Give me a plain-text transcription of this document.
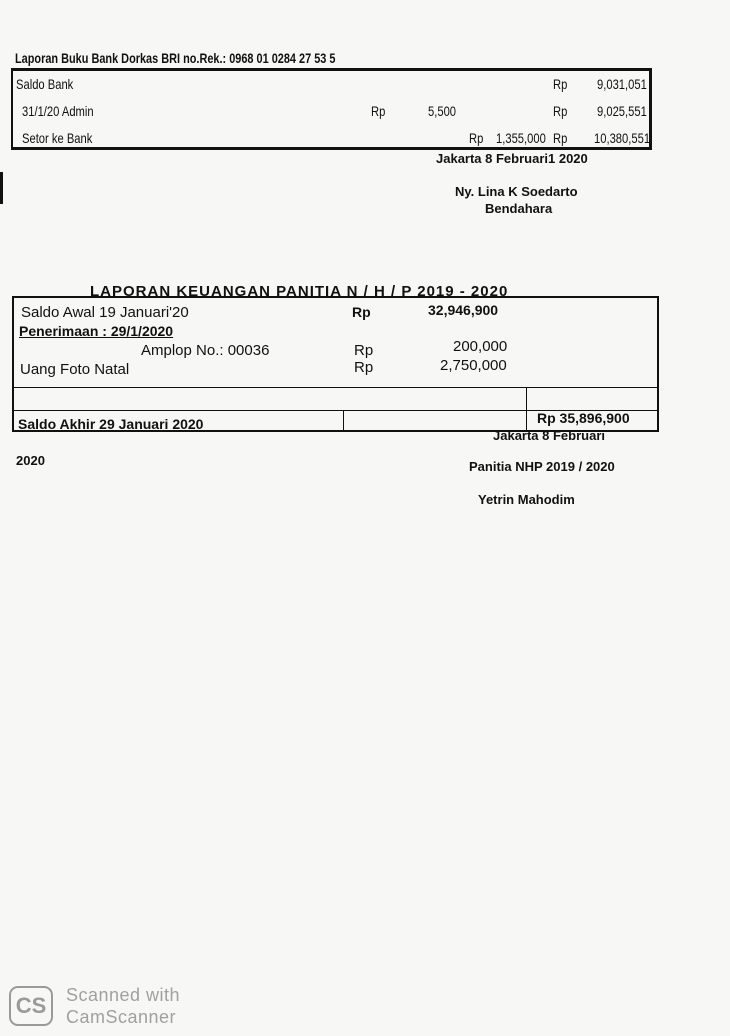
Laporan Buku Bank Dorkas BRI no.Rek.: 0968 01 0284 27 53 5
Saldo Bank	Rp 9,031,051
31/1/20 Admin	Rp	5,500	Rp 9,025,551
Setor ke Bank	Rp 1,355,000 Rp 10,380,551
Jakarta 8 Februari1 2020
Ny. Lina K Soedarto
Bendahara
LAPORAN KEUANGAN PANITIA N / H / P 2019 - 2020
Saldo Awal 19 Januari'20	Rp	32,946,900
Penerimaan : 29/1/2020
Amplop No.: 00036	Rp	200,000
Uang Foto Natal	Rp	2,750,000
Saldo Akhir 29 Januari 2020	Rp 35,896,900
Jakarta 8 Februari
2020	Panitia NHP 2019 / 2020
Yetrin Mahodim
CS	Scanned with
CamScanner
